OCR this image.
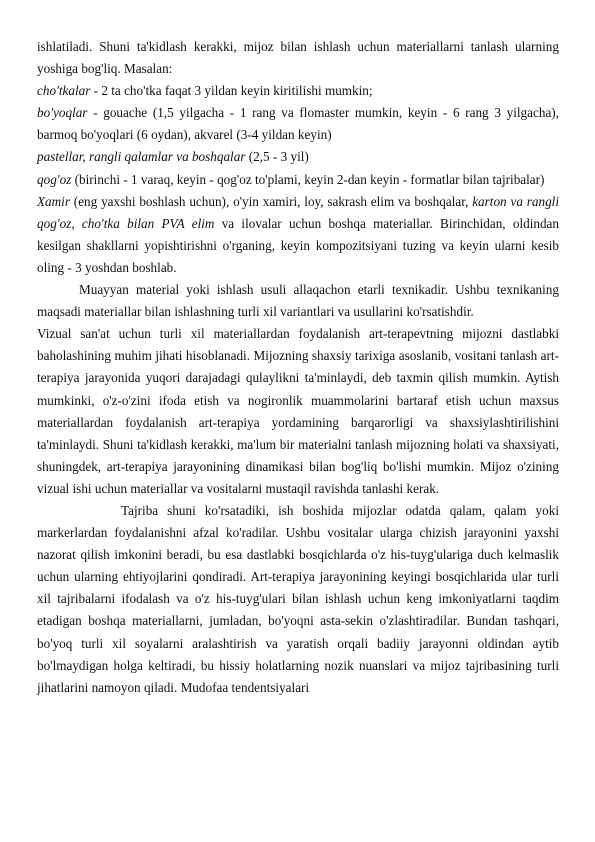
ishlatiladi. Shuni ta'kidlash kerakki, mijoz bilan ishlash uchun materiallarni tanlash ularning yoshiga bog'liq. Masalan:

cho'tkalar - 2 ta cho'tka faqat 3 yildan keyin kiritilishi mumkin;

bo'yoqlar - gouache (1,5 yilgacha - 1 rang va flomaster mumkin, keyin - 6 rang 3 yilgacha), barmoq bo'yoqlari (6 oydan), akvarel (3-4 yildan keyin)

pastellar, rangli qalamlar va boshqalar (2,5 - 3 yil)

qog'oz (birinchi - 1 varaq, keyin - qog'oz to'plami, keyin 2-dan keyin - formatlar bilan tajribalar)

Xamir (eng yaxshi boshlash uchun), o'yin xamiri, loy, sakrash elim va boshqalar, karton va rangli qog'oz, cho'tka bilan PVA elim va ilovalar uchun boshqa materiallar. Birinchidan, oldindan kesilgan shakllarni yopishtirishni o'rganing, keyin kompozitsiyani tuzing va keyin ularni kesib oling - 3 yoshdan boshlab.

Muayyan material yoki ishlash usuli allaqachon etarli texnikadir. Ushbu texnikaning maqsadi materiallar bilan ishlashning turli xil variantlari va usullarini ko'rsatishdir.

Vizual san'at uchun turli xil materiallardan foydalanish art-terapevtning mijozni dastlabki baholashining muhim jihati hisoblanadi. Mijozning shaxsiy tarixiga asoslanib, vositani tanlash art-terapiya jarayonida yuqori darajadagi qulaylikni ta'minlaydi, deb taxmin qilish mumkin. Aytish mumkinki, o'z-o'zini ifoda etish va nogironlik muammolarini bartaraf etish uchun maxsus materiallardan foydalanish art-terapiya yordamining barqarorligi va shaxsiylashtirilishini ta'minlaydi. Shuni ta'kidlash kerakki, ma'lum bir materialni tanlash mijozning holati va shaxsiyati, shuningdek, art-terapiya jarayonining dinamikasi bilan bog'liq bo'lishi mumkin. Mijoz o'zining vizual ishi uchun materiallar va vositalarni mustaqil ravishda tanlashi kerak.

Tajriba shuni ko'rsatadiki, ish boshida mijozlar odatda qalam, qalam yoki markerlardan foydalanishni afzal ko'radilar. Ushbu vositalar ularga chizish jarayonini yaxshi nazorat qilish imkonini beradi, bu esa dastlabki bosqichlarda o'z his-tuyg'ulariga duch kelmaslik uchun ularning ehtiyojlarini qondiradi. Art-terapiya jarayonining keyingi bosqichlarida ular turli xil tajribalarni ifodalash va o'z his-tuyg'ulari bilan ishlash uchun keng imkoniyatlarni taqdim etadigan boshqa materiallarni, jumladan, bo'yoqni asta-sekin o'zlashtiradilar. Bundan tashqari, bo'yoq turli xil soyalarni aralashtirish va yaratish orqali badiiy jarayonni oldindan aytib bo'lmaydigan holga keltiradi, bu hissiy holatlarning nozik nuanslari va mijoz tajribasining turli jihatlarini namoyon qiladi. Mudofaa tendentsiyalari
